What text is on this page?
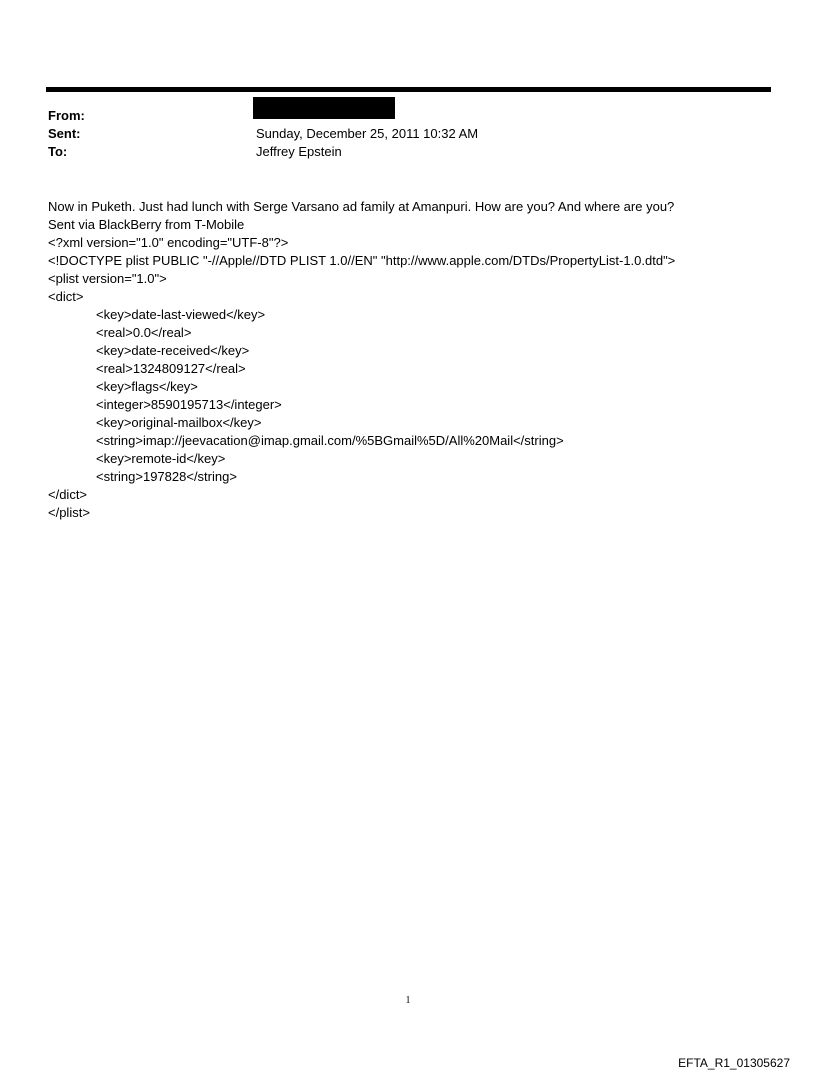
From:
Sent:	Sunday, December 25, 2011 10:32 AM
To:	Jeffrey Epstein
Now in Puketh. Just had lunch with Serge Varsano ad family at Amanpuri. How are you? And where are you?
Sent via BlackBerry from T-Mobile
<?xml version="1.0" encoding="UTF-8"?>
<!DOCTYPE plist PUBLIC "-//Apple//DTD PLIST 1.0//EN" "http://www.apple.com/DTDs/PropertyList-1.0.dtd">
<plist version="1.0">
<dict>
<key>date-last-viewed</key>
<real>0.0</real>
<key>date-received</key>
<real>1324809127</real>
<key>flags</key>
<integer>8590195713</integer>
<key>original-mailbox</key>
<string>imap://jeevacation@imap.gmail.com/%5BGmail%5D/All%20Mail</string>
<key>remote-id</key>
<string>197828</string>
</dict>
</plist>
1
EFTA_R1_01305627
